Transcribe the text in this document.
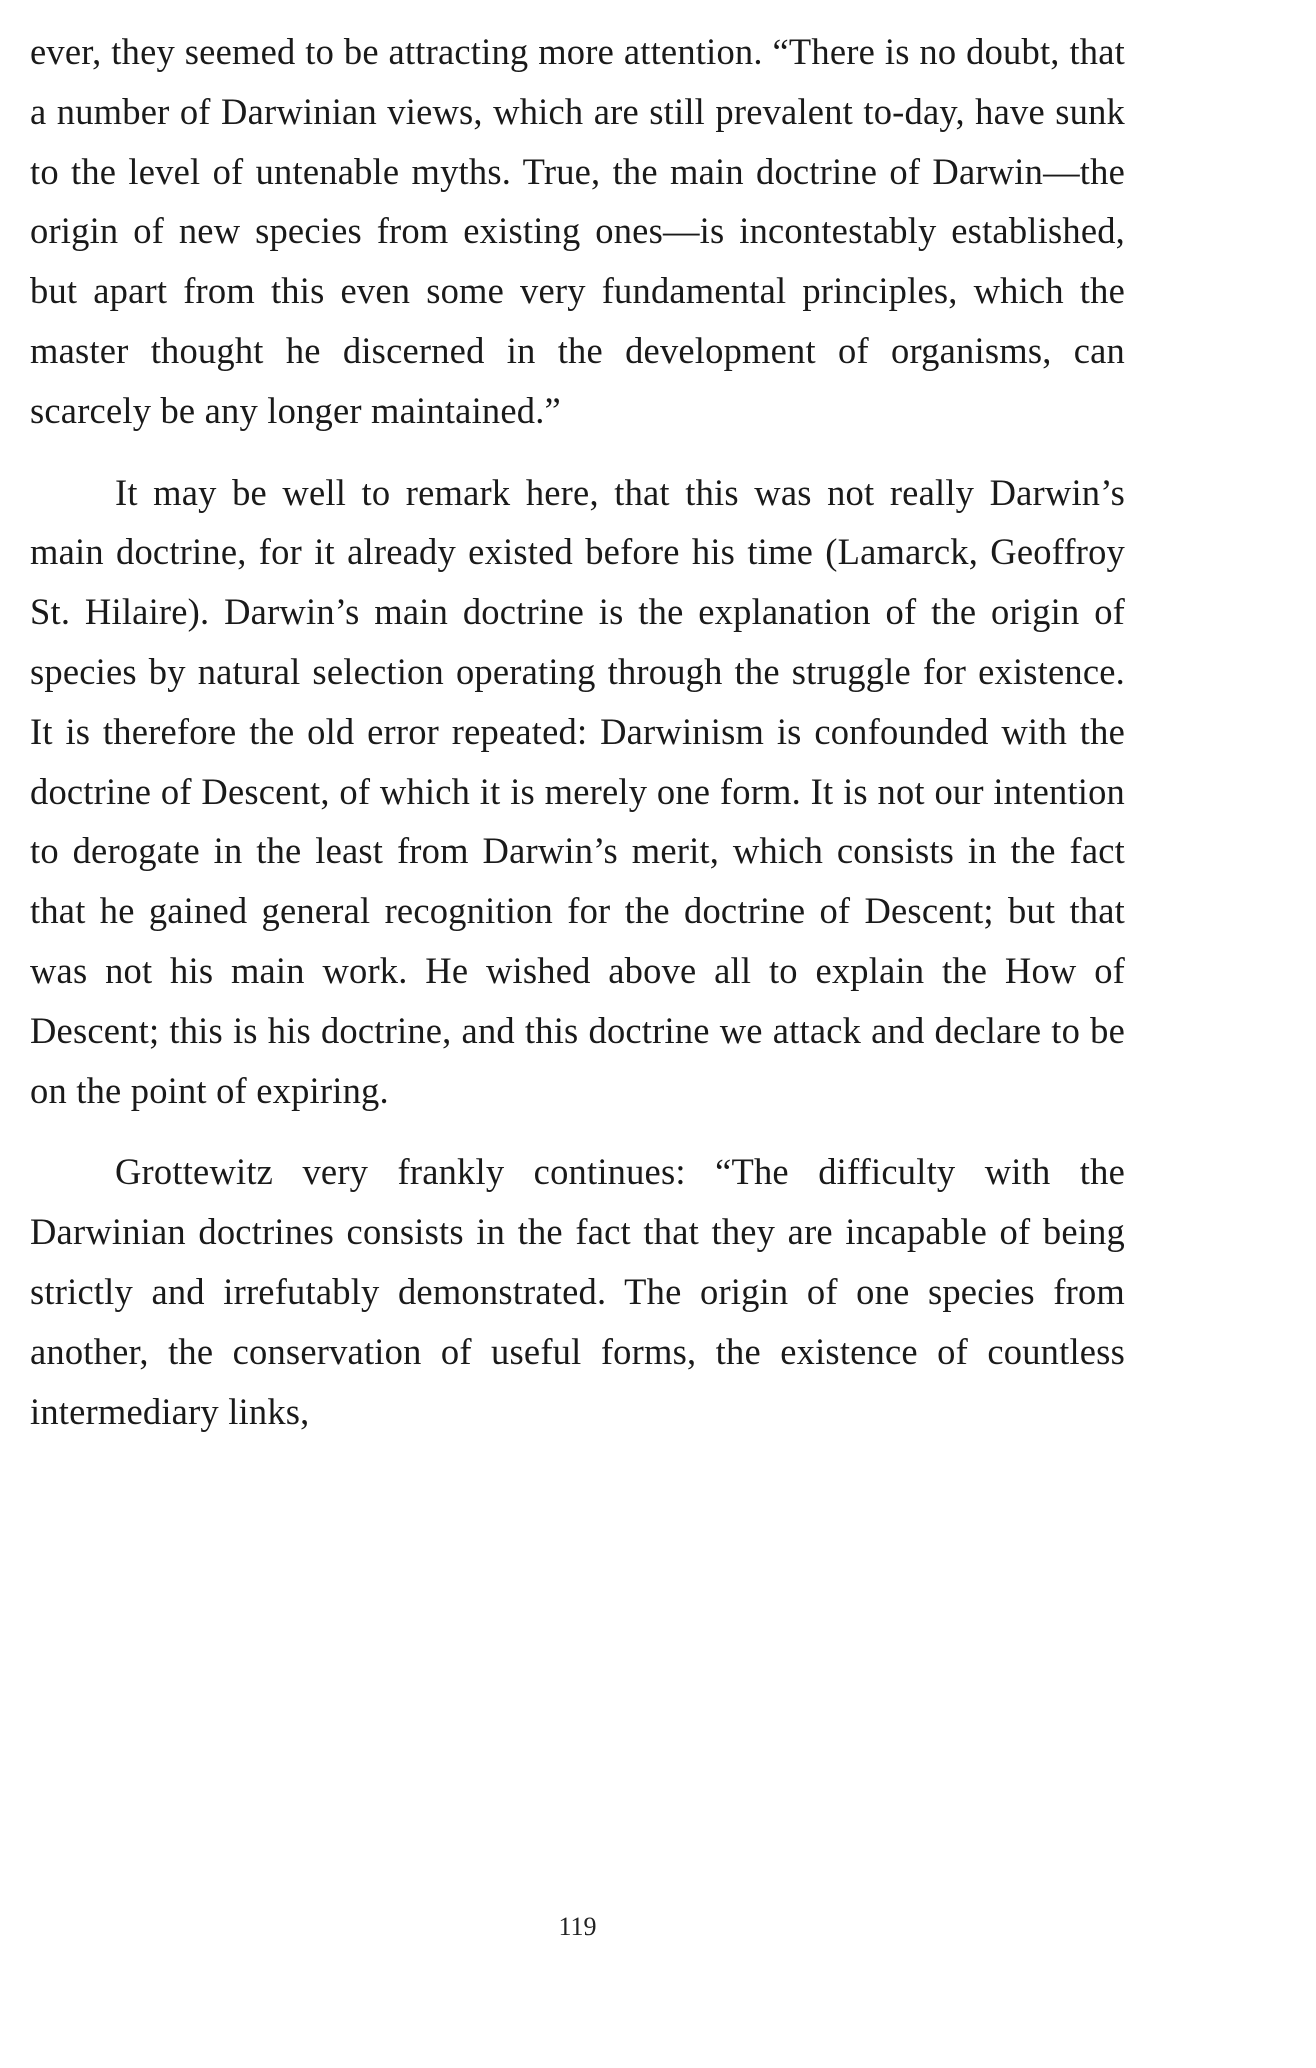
ever, they seemed to be attracting more attention. “There is no doubt, that a number of Darwinian views, which are still prevalent to-day, have sunk to the level of untenable myths. True, the main doctrine of Darwin—the origin of new species from existing ones—is incontestably established, but apart from this even some very fundamental principles, which the master thought he discerned in the development of organisms, can scarcely be any longer maintained.”

It may be well to remark here, that this was not really Darwin’s main doctrine, for it already existed before his time (Lamarck, Geoffroy St. Hilaire). Darwin’s main doctrine is the explanation of the origin of species by natural selection operating through the struggle for existence. It is therefore the old error repeated: Darwinism is confounded with the doctrine of Descent, of which it is merely one form. It is not our intention to derogate in the least from Darwin’s merit, which consists in the fact that he gained general recognition for the doctrine of Descent; but that was not his main work. He wished above all to explain the How of Descent; this is his doctrine, and this doctrine we attack and declare to be on the point of expiring.

Grottewitz very frankly continues: “The difficulty with the Darwinian doctrines consists in the fact that they are incapable of being strictly and irrefutably demonstrated. The origin of one species from another, the conservation of useful forms, the existence of countless intermediary links,

119
